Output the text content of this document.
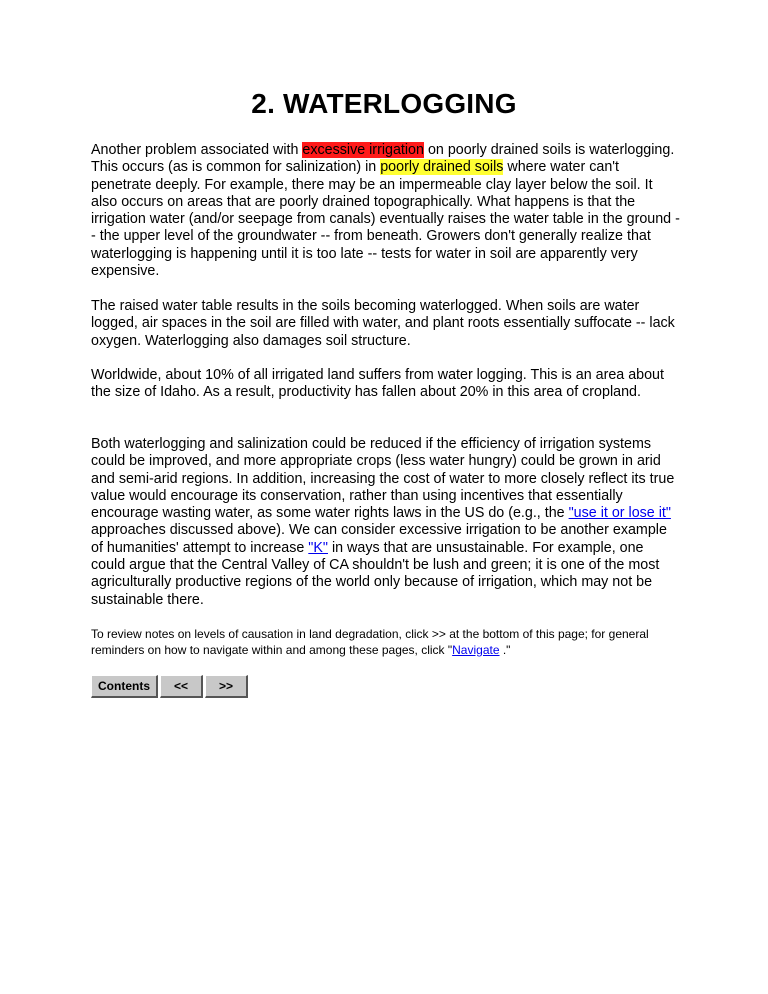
2. WATERLOGGING

Another problem associated with excessive irrigation on poorly drained soils is waterlogging. This occurs (as is common for salinization) in poorly drained soils where water can't penetrate deeply. For example, there may be an impermeable clay layer below the soil. It also occurs on areas that are poorly drained topographically. What happens is that the irrigation water (and/or seepage from canals) eventually raises the water table in the ground -- the upper level of the groundwater -- from beneath. Growers don't generally realize that waterlogging is happening until it is too late -- tests for water in soil are apparently very expensive.

The raised water table results in the soils becoming waterlogged. When soils are water logged, air spaces in the soil are filled with water, and plant roots essentially suffocate -- lack oxygen. Waterlogging also damages soil structure.

Worldwide, about 10% of all irrigated land suffers from water logging. This is an area about the size of Idaho. As a result, productivity has fallen about 20% in this area of cropland.

Both waterlogging and salinization could be reduced if the efficiency of irrigation systems could be improved, and more appropriate crops (less water hungry) could be grown in arid and semi-arid regions. In addition, increasing the cost of water to more closely reflect its true value would encourage its conservation, rather than using incentives that essentially encourage wasting water, as some water rights laws in the US do (e.g., the "use it or lose it" approaches discussed above). We can consider excessive irrigation to be another example of humanities' attempt to increase "K" in ways that are unsustainable. For example, one could argue that the Central Valley of CA shouldn't be lush and green; it is one of the most agriculturally productive regions of the world only because of irrigation, which may not be sustainable there.

To review notes on levels of causation in land degradation, click >> at the bottom of this page; for general reminders on how to navigate within and among these pages, click "Navigate ."

Contents	<<	>>
